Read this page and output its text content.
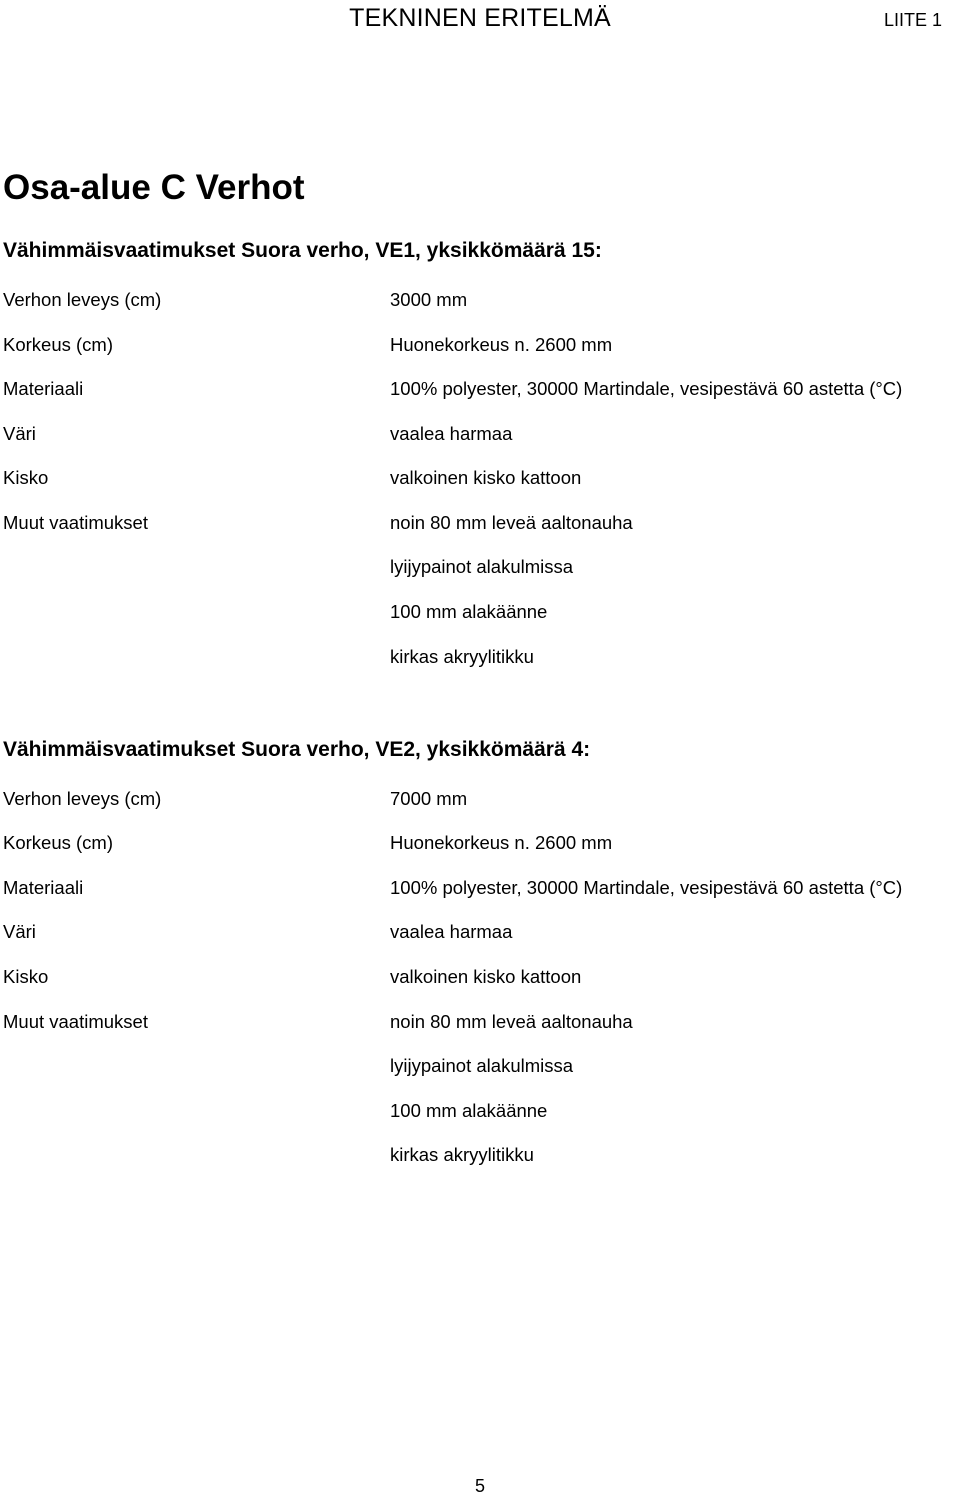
TEKNINEN ERITELMÄ	LIITE 1
Osa-alue C Verhot
Vähimmäisvaatimukset Suora verho, VE1, yksikkömäärä 15:
Verhon leveys (cm)	3000 mm
Korkeus (cm)	Huonekorkeus n. 2600 mm
Materiaali	100% polyester, 30000 Martindale, vesipestävä 60 astetta (°C)
Väri	vaalea harmaa
Kisko	valkoinen kisko kattoon
Muut vaatimukset	noin 80 mm leveä aaltonauha
lyijypainot alakulmissa
100 mm alakäänne
kirkas akryylitikku
Vähimmäisvaatimukset Suora verho, VE2, yksikkömäärä 4:
Verhon leveys (cm)	7000 mm
Korkeus (cm)	Huonekorkeus n. 2600 mm
Materiaali	100% polyester, 30000 Martindale, vesipestävä 60 astetta (°C)
Väri	vaalea harmaa
Kisko	valkoinen kisko kattoon
Muut vaatimukset	noin 80 mm leveä aaltonauha
lyijypainot alakulmissa
100 mm alakäänne
kirkas akryylitikku
5
